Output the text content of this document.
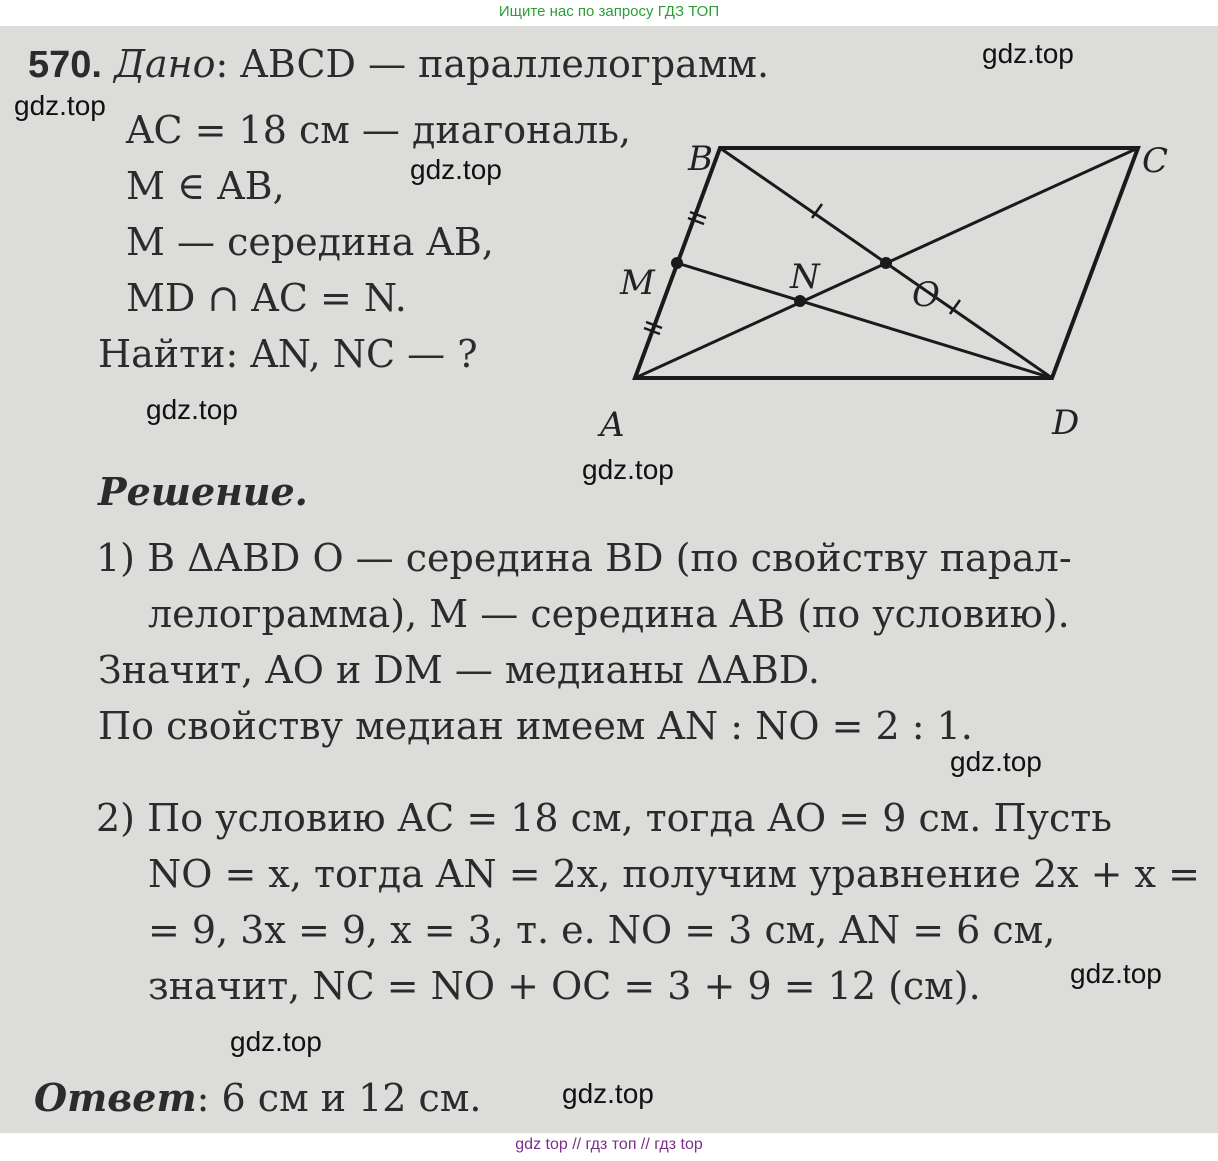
Ищите нас по запросу ГДЗ ТОП
570. Дано: ABCD — параллелограмм.
AC = 18 см — диагональ,
M ∈ AB,
M — середина AB,
MD ∩ AC = N.
Найти: AN, NC — ?
A
B	C
D
M	N	O
Решение.
1) В ΔABD O — середина BD (по свойству парал-
лелограмма), M — середина AB (по условию).
Значит, AO и DM — медианы ΔABD.
По свойству медиан имеем AN : NO = 2 : 1.
2) По условию AC = 18 см, тогда AO = 9 см. Пусть
NO = x, тогда AN = 2x, получим уравнение 2x + x =
= 9, 3x = 9, x = 3, т. е. NO = 3 см, AN = 6 см,
значит, NC = NO + OC = 3 + 9 = 12 (см).
Ответ: 6 см и 12 см.
gdz.top
gdz.top
gdz.top
gdz.top
gdz.top
gdz.top
gdz.top
gdz.top
gdz.top
gdz top // гдз топ // гдз top
